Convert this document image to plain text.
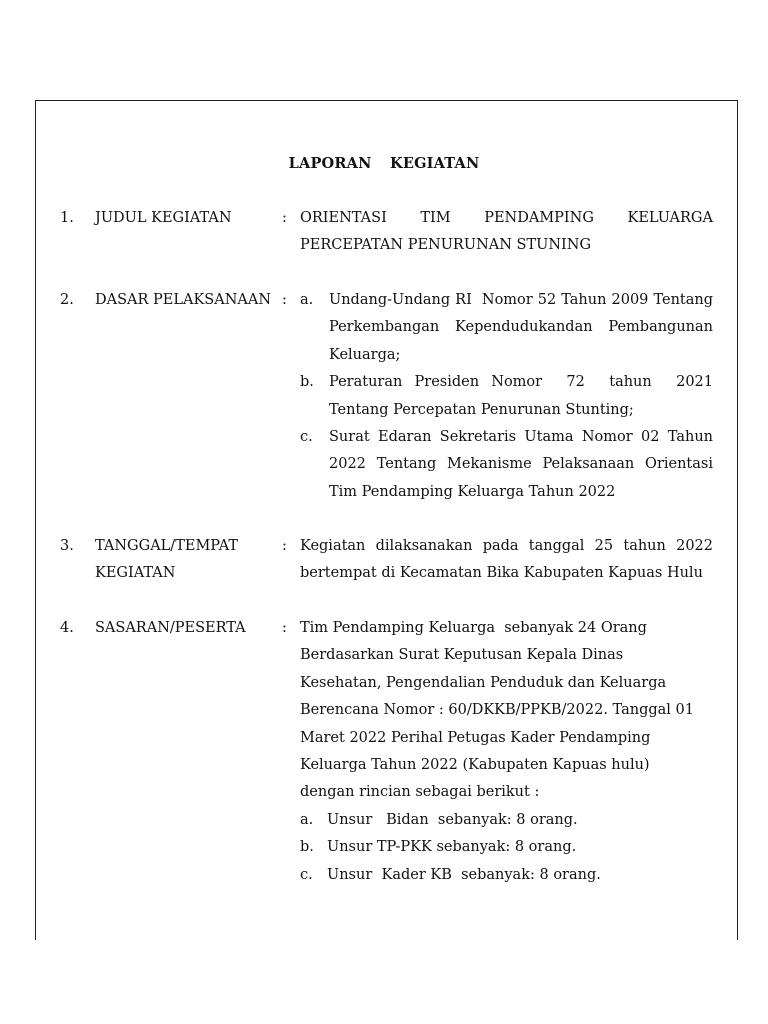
LAPORAN  KEGIATAN
1. JUDUL KEGIATAN	: ORIENTASI TIM PENDAMPING KELUARGA
PERCEPATAN PENURUNAN STUNING
2. DASAR PELAKSANAAN : a. Undang-Undang RI  Nomor 52 Tahun 2009 Tentang
Perkembangan Kependudukandan Pembangunan
Keluarga;
b. Peraturan Presiden Nomor  72  tahun  2021
Tentang Percepatan Penurunan Stunting;
c. Surat Edaran Sekretaris Utama Nomor 02 Tahun
2022 Tentang Mekanisme Pelaksanaan Orientasi
Tim Pendamping Keluarga Tahun 2022
3. TANGGAL/TEMPAT
KEGIATAN
: Kegiatan dilaksanakan pada tanggal 25 tahun 2022
bertempat di Kecamatan Bika Kabupaten Kapuas Hulu
4. SASARAN/PESERTA	: Tim Pendamping Keluarga  sebanyak 24 Orang
Berdasarkan Surat Keputusan Kepala Dinas
Kesehatan, Pengendalian Penduduk dan Keluarga
Berencana Nomor : 60/DKKB/PPKB/2022. Tanggal 01
Maret 2022 Perihal Petugas Kader Pendamping
Keluarga Tahun 2022 (Kabupaten Kapuas hulu)
dengan rincian sebagai berikut :
a. Unsur   Bidan  sebanyak: 8 orang.
b. Unsur TP-PKK sebanyak: 8 orang.
c. Unsur  Kader KB  sebanyak: 8 orang.
